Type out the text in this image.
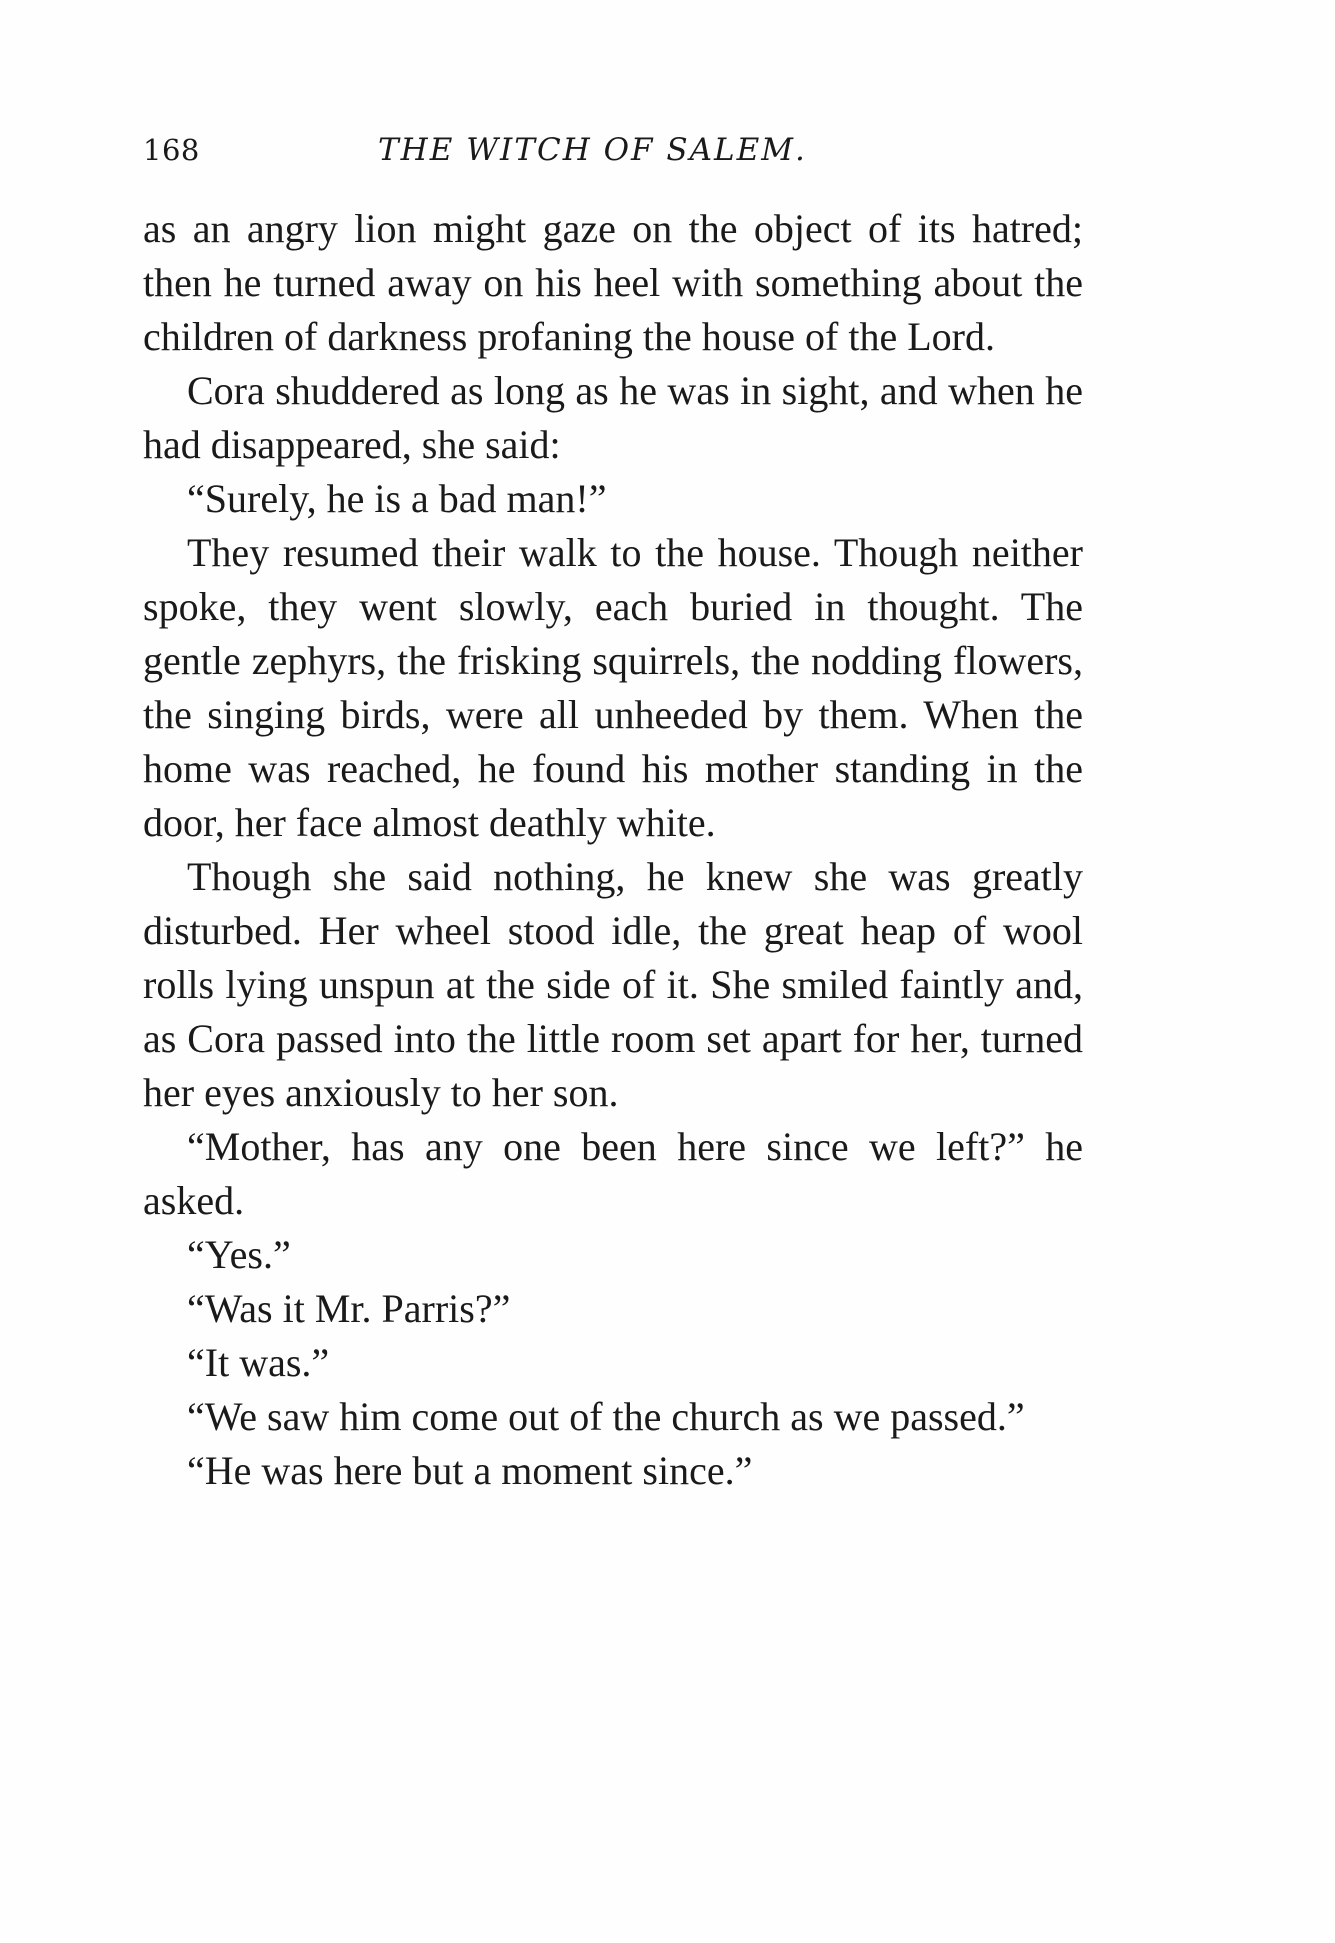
168	THE WITCH OF SALEM.

as an angry lion might gaze on the object of its hatred; then he turned away on his heel with something about the children of darkness profaning the house of the Lord.

Cora shuddered as long as he was in sight, and when he had disappeared, she said:

“Surely, he is a bad man!”

They resumed their walk to the house. Though neither spoke, they went slowly, each buried in thought. The gentle zephyrs, the frisking squirrels, the nodding flowers, the singing birds, were all unheeded by them. When the home was reached, he found his mother standing in the door, her face almost deathly white.

Though she said nothing, he knew she was greatly disturbed. Her wheel stood idle, the great heap of wool rolls lying unspun at the side of it. She smiled faintly and, as Cora passed into the little room set apart for her, turned her eyes anxiously to her son.

“Mother, has any one been here since we left?” he asked.

“Yes.”

“Was it Mr. Parris?”

“It was.”

“We saw him come out of the church as we passed.”

“He was here but a moment since.”
